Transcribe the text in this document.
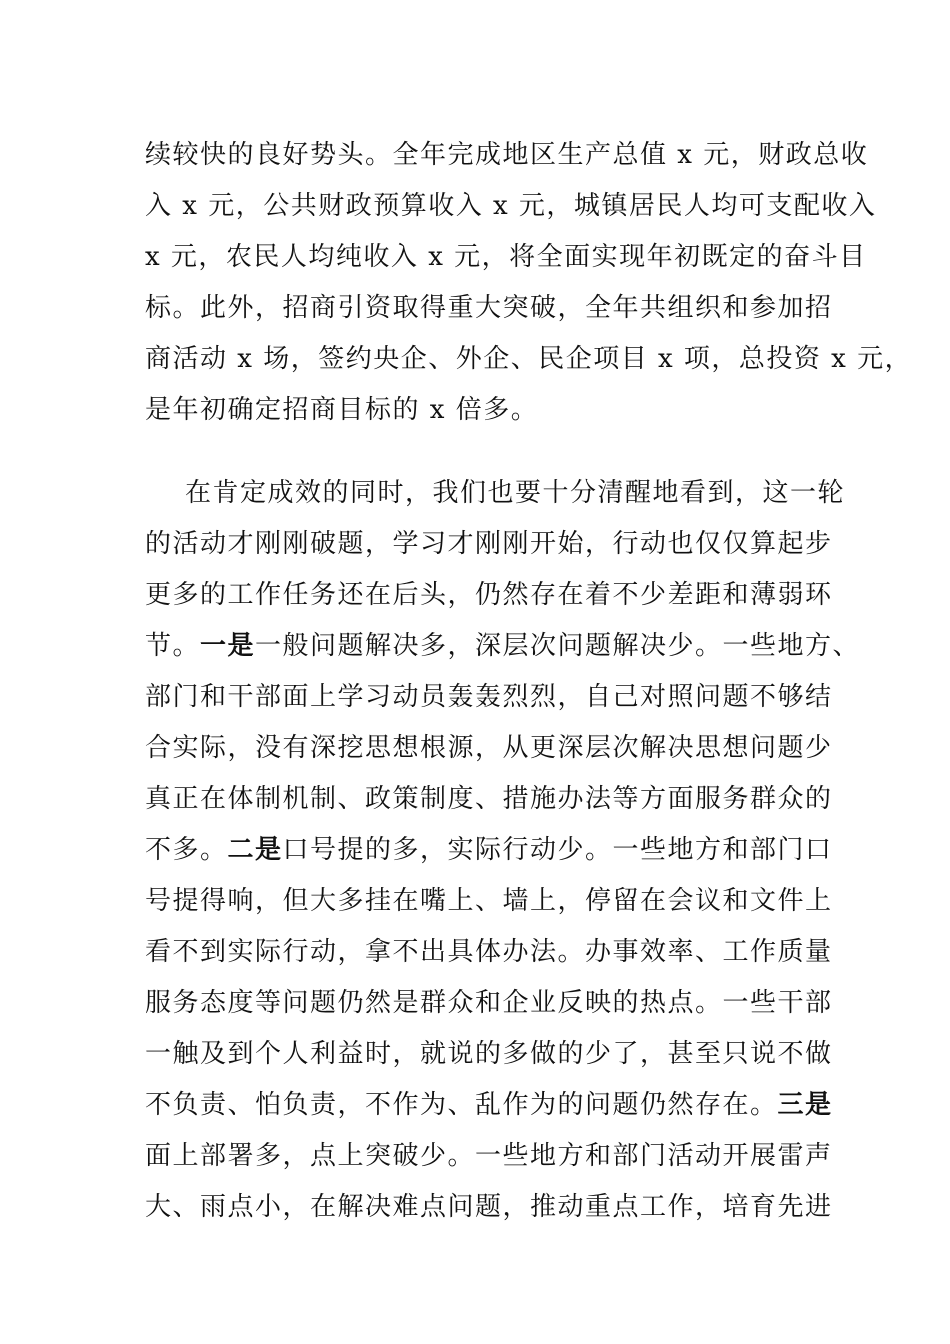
续较快的良好势头。全年完成地区生产总值 x 元，财政总收
入 x 元，公共财政预算收入 x 元，城镇居民人均可支配收入
x 元，农民人均纯收入 x 元，将全面实现年初既定的奋斗目
标。此外，招商引资取得重大突破，全年共组织和参加招
商活动 x 场，签约央企、外企、民企项目 x 项，总投资 x 元，
是年初确定招商目标的 x 倍多。
在肯定成效的同时，我们也要十分清醒地看到，这一轮
的活动才刚刚破题，学习才刚刚开始，行动也仅仅算起步
更多的工作任务还在后头，仍然存在着不少差距和薄弱环
节。一是一般问题解决多，深层次问题解决少。一些地方、
部门和干部面上学习动员轰轰烈烈，自己对照问题不够结
合实际，没有深挖思想根源，从更深层次解决思想问题少
真正在体制机制、政策制度、措施办法等方面服务群众的
不多。二是口号提的多，实际行动少。一些地方和部门口
号提得响，但大多挂在嘴上、墙上，停留在会议和文件上
看不到实际行动，拿不出具体办法。办事效率、工作质量
服务态度等问题仍然是群众和企业反映的热点。一些干部
一触及到个人利益时，就说的多做的少了，甚至只说不做
不负责、怕负责，不作为、乱作为的问题仍然存在。三是
面上部署多，点上突破少。一些地方和部门活动开展雷声
大、雨点小，在解决难点问题，推动重点工作，培育先进
